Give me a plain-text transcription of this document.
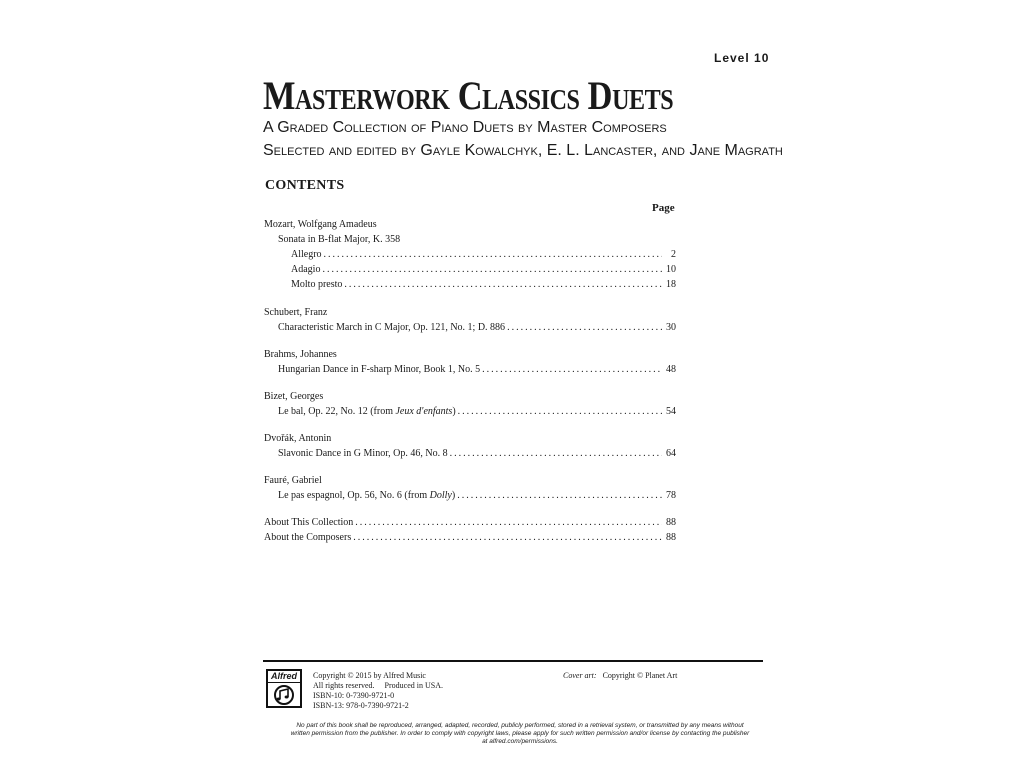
Level 10
Masterwork Classics Duets

A Graded Collection of Piano Duets by Master Composers

Selected and edited by Gayle Kowalchyk, E. L. Lancaster, and Jane Magrath

CONTENTS
Page
Mozart, Wolfgang Amadeus
Sonata in B-flat Major, K. 358
Allegro .....	2
Adagio .....	10
Molto presto .....	18
Schubert, Franz
Characteristic March in C Major, Op. 121, No. 1; D. 886 .....	30
Brahms, Johannes
Hungarian Dance in F-sharp Minor, Book 1, No. 5 .....	48
Bizet, Georges
Le bal, Op. 22, No. 12 (from Jeux d'enfants) .....	54
Dvořák, Antonin
Slavonic Dance in G Minor, Op. 46, No. 8 .....	64
Fauré, Gabriel
Le pas espagnol, Op. 56, No. 6 (from Dolly) .....	78
About This Collection .....	88
About the Composers .....	88
Alfred	Copyright © 2015 by Alfred Music
All rights reserved.     Produced in USA.
ISBN-10: 0-7390-9721-0
ISBN-13: 978-0-7390-9721-2
Cover art: Copyright © Planet Art
No part of this book shall be reproduced, arranged, adapted, recorded, publicly performed, stored in a retrieval system, or transmitted by any means without written permission from the publisher. In order to comply with copyright laws, please apply for such written permission and/or license by contacting the publisher at alfred.com/permissions.
